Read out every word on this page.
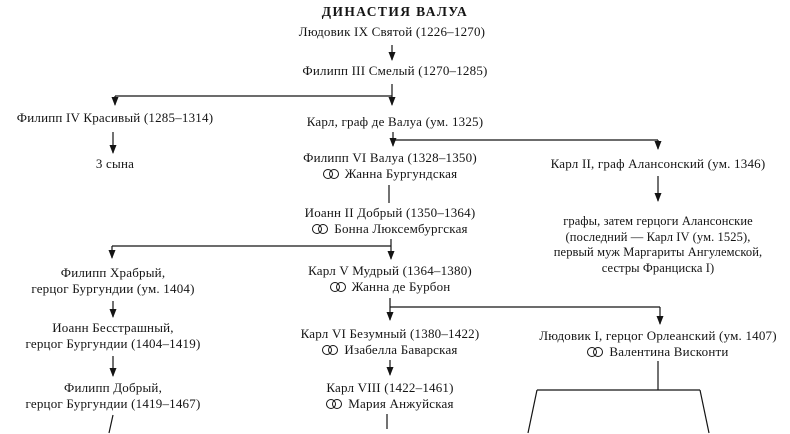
ДИНАСТИЯ ВАЛУА
Людовик IX Святой (1226–1270)
Филипп III Смелый (1270–1285)
Филипп IV Красивый (1285–1314)
3 сына
Карл, граф де Валуа (ум. 1325)
Филипп VI Валуа (1328–1350)
Жанна Бургундская
Карл II, граф Алансонский (ум. 1346)
графы, затем герцоги Алансонские
(последний — Карл IV (ум. 1525),
первый муж Маргариты Ангулемской,
сестры Франциска I)
Иоанн II Добрый (1350–1364)
Бонна Люксембургская
Филипп Храбрый,
герцог Бургундии (ум. 1404)
Карл V Мудрый (1364–1380)
Жанна де Бурбон
Иоанн Бесстрашный,
герцог Бургундии (1404–1419)
Карл VI Безумный (1380–1422)
Изабелла Баварская
Людовик I, герцог Орлеанский (ум. 1407)
Валентина Висконти
Филипп Добрый,
герцог Бургундии (1419–1467)
Карл VIII (1422–1461)
Мария Анжуйская
